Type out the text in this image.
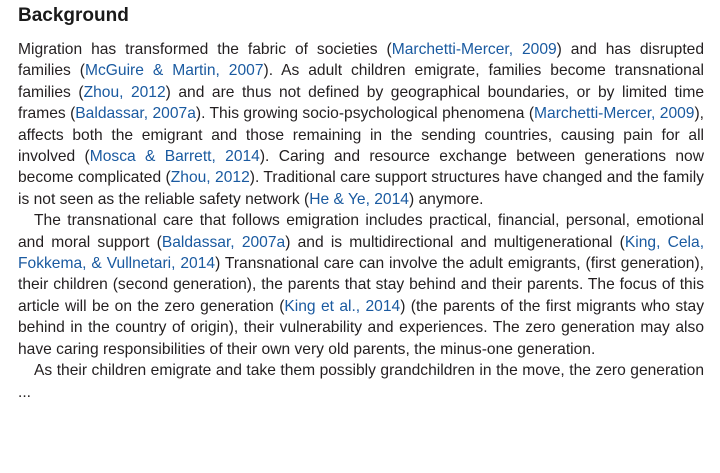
Background

Migration has transformed the fabric of societies (Marchetti-Mercer, 2009) and has disrupted families (McGuire & Martin, 2007). As adult children emigrate, families become transnational families (Zhou, 2012) and are thus not defined by geographical boundaries, or by limited time frames (Baldassar, 2007a). This growing socio-psychological phenomena (Marchetti-Mercer, 2009), affects both the emigrant and those remaining in the sending countries, causing pain for all involved (Mosca & Barrett, 2014). Caring and resource exchange between generations now become complicated (Zhou, 2012). Traditional care support structures have changed and the family is not seen as the reliable safety network (He & Ye, 2014) anymore.

The transnational care that follows emigration includes practical, financial, personal, emotional and moral support (Baldassar, 2007a) and is multidirectional and multigenerational (King, Cela, Fokkema, & Vullnetari, 2014) Transnational care can involve the adult emigrants, (first generation), their children (second generation), the parents that stay behind and their parents. The focus of this article will be on the zero generation (King et al., 2014) (the parents of the first migrants who stay behind in the country of origin), their vulnerability and experiences. The zero generation may also have caring responsibilities of their own very old parents, the minus-one generation.

As their children emigrate and take them possibly grandchildren in the move, the zero generation ...
